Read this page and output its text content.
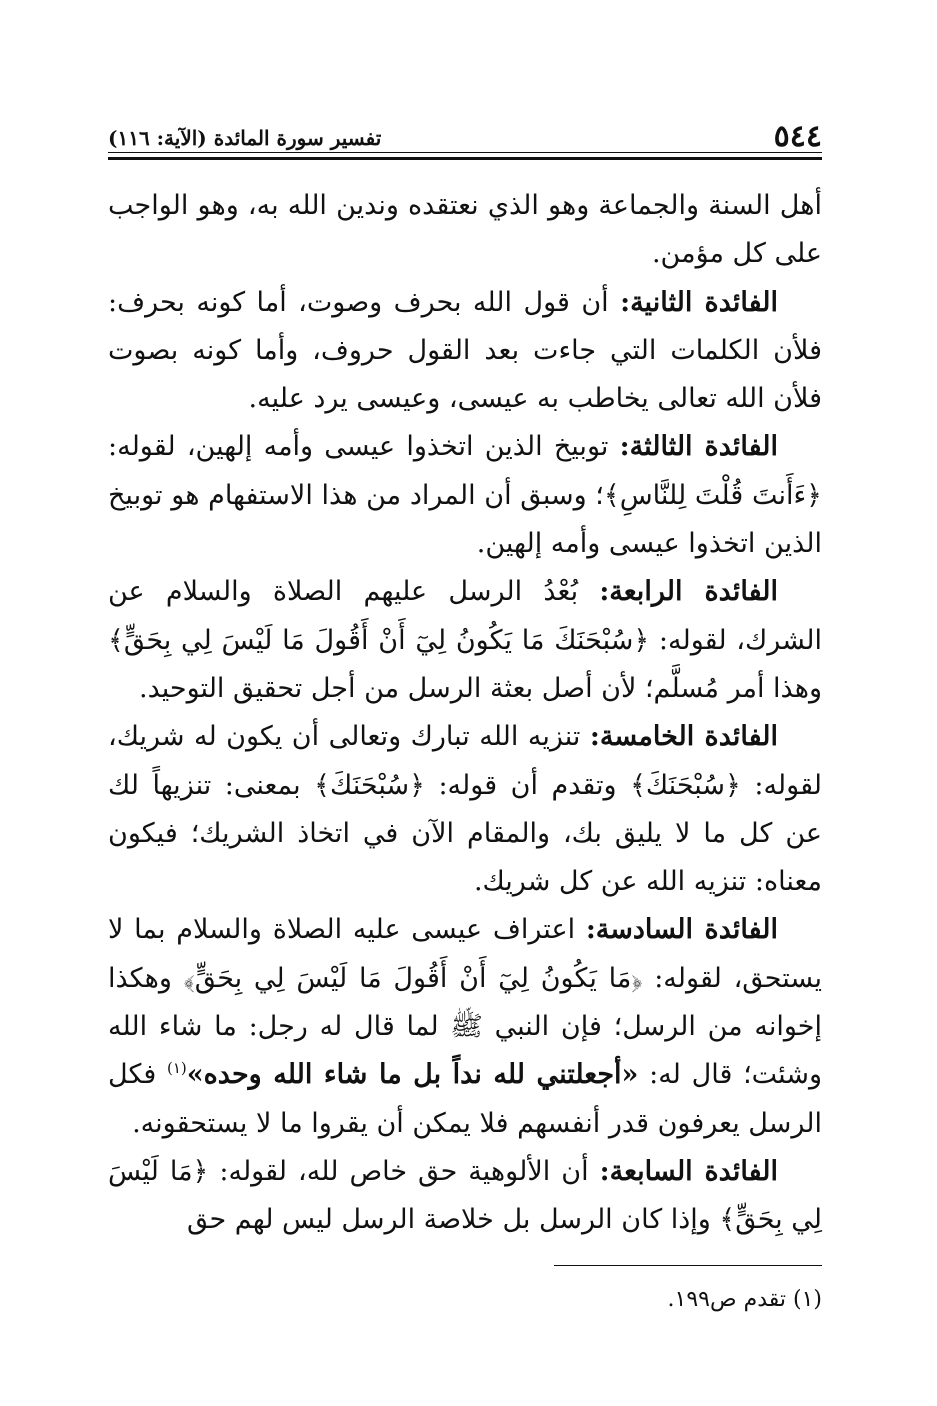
٥٤٤
تفسير سورة المائدة (الآية: ١١٦)

أهل السنة والجماعة وهو الذي نعتقده وندين الله به، وهو الواجب على كل مؤمن.

الفائدة الثانية: أن قول الله بحرف وصوت، أما كونه بحرف: فلأن الكلمات التي جاءت بعد القول حروف، وأما كونه بصوت فلأن الله تعالى يخاطب به عيسى، وعيسى يرد عليه.

الفائدة الثالثة: توبيخ الذين اتخذوا عيسى وأمه إلهين، لقوله: ﴿ءَأَنتَ قُلْتَ لِلنَّاسِ﴾؛ وسبق أن المراد من هذا الاستفهام هو توبيخ الذين اتخذوا عيسى وأمه إلهين.

الفائدة الرابعة: بُعْدُ الرسل عليهم الصلاة والسلام عن الشرك، لقوله: ﴿سُبْحَنَكَ مَا يَكُونُ لِيٓ أَنْ أَقُولَ مَا لَيْسَ لِي بِحَقٍّ﴾ وهذا أمر مُسلَّم؛ لأن أصل بعثة الرسل من أجل تحقيق التوحيد.

الفائدة الخامسة: تنزيه الله تبارك وتعالى أن يكون له شريك، لقوله: ﴿سُبْحَنَكَ﴾ وتقدم أن قوله: ﴿سُبْحَنَكَ﴾ بمعنى: تنزيهاً لك عن كل ما لا يليق بك، والمقام الآن في اتخاذ الشريك؛ فيكون معناه: تنزيه الله عن كل شريك.

الفائدة السادسة: اعتراف عيسى عليه الصلاة والسلام بما لا يستحق، لقوله: ﴿مَا يَكُونُ لِيٓ أَنْ أَقُولَ مَا لَيْسَ لِي بِحَقٍّ﴾ وهكذا إخوانه من الرسل؛ فإن النبي ﷺ لما قال له رجل: ما شاء الله وشئت؛ قال له: «أجعلتني لله نداً بل ما شاء الله وحده»$^{(١)}$ فكل الرسل يعرفون قدر أنفسهم فلا يمكن أن يقروا ما لا يستحقونه.

الفائدة السابعة: أن الألوهية حق خاص لله، لقوله: ﴿مَا لَيْسَ لِي بِحَقٍّ﴾ وإذا كان الرسل بل خلاصة الرسل ليس لهم حق

(١) تقدم ص١٩٩.
